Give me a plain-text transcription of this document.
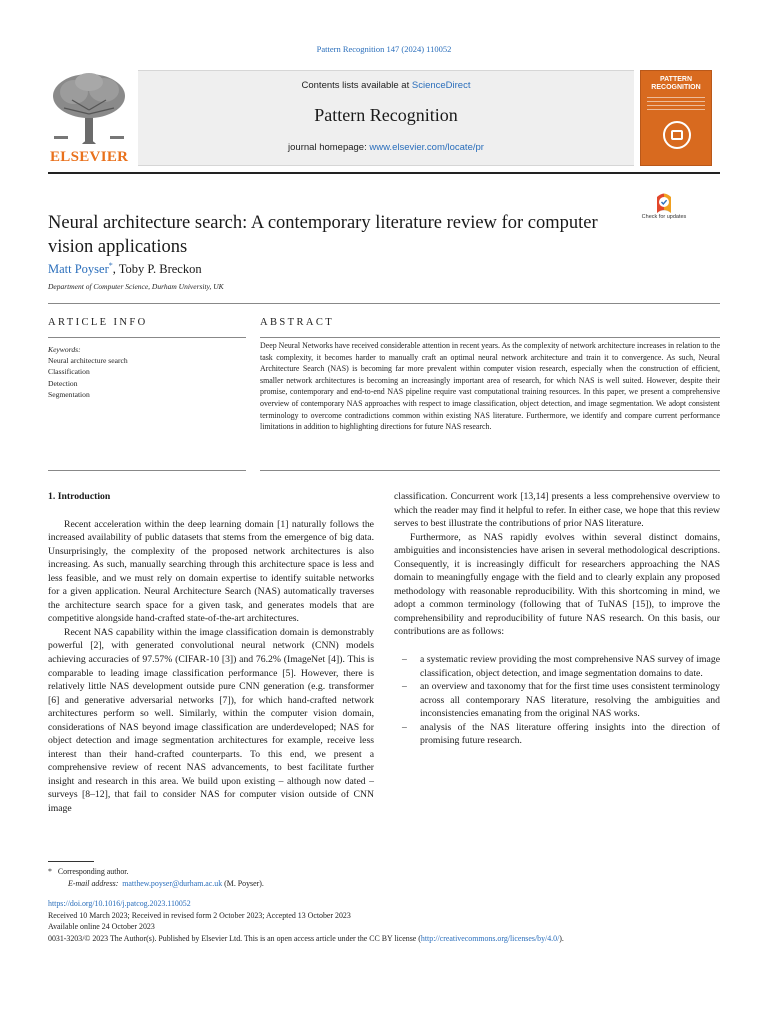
Pattern Recognition 147 (2024) 110052
ELSEVIER
Contents lists available at ScienceDirect
Pattern Recognition
journal homepage: www.elsevier.com/locate/pr
PATTERN RECOGNITION
Neural architecture search: A contemporary literature review for computer vision applications
Check for updates
Matt Poyser*, Toby P. Breckon
Department of Computer Science, Durham University, UK
ARTICLE INFO	ABSTRACT
Keywords:
Neural architecture search
Classification
Detection
Segmentation
Deep Neural Networks have received considerable attention in recent years. As the complexity of network architecture increases in relation to the task complexity, it becomes harder to manually craft an optimal neural network architecture and train it to convergence. As such, Neural Architecture Search (NAS) is becoming far more prevalent within computer vision research, especially when the construction of efficient, smaller network architectures is becoming an increasingly important area of research, for which NAS is well suited. However, despite their promise, contemporary and end-to-end NAS pipeline require vast computational training resources. In this paper, we present a comprehensive overview of contemporary NAS approaches with respect to image classification, object detection, and image segmentation. We adopt consistent terminology to overcome contradictions common within existing NAS literature. Furthermore, we identify and compare current performance limitations in addition to highlighting directions for future NAS research.
1. Introduction
Recent acceleration within the deep learning domain [1] naturally follows the increased availability of public datasets that stems from the emergence of big data. Unsurprisingly, the complexity of the proposed network architectures is also increasing. As such, manually searching through this architecture space is less and less feasible, and we must rely on domain expertise to identify suitable networks for a given application. Neural Architecture Search (NAS) automatically traverses the architecture search space for a given task, and generates models that are competitive alongside hand-crafted state-of-the-art architectures.
Recent NAS capability within the image classification domain is demonstrably powerful [2], with generated convolutional neural network (CNN) models achieving accuracies of 97.57% (CIFAR-10 [3]) and 76.2% (ImageNet [4]). This is comparable to leading image classification performance [5]. However, there is relatively little NAS development outside pure CNN generation (e.g. transformer [6] and generative adversarial networks [7]), for which hand-crafted network architectures perform so well. Similarly, within the computer vision domain, considerations of NAS beyond image classification are underdeveloped; NAS for object detection and image segmentation architectures for example, receive less interest than their hand-crafted counterparts. To this end, we present a comprehensive review of recent NAS advancements, to best facilitate further insight and research in this area. We build upon existing – although now dated – surveys [8–12], that fail to consider NAS for computer vision outside of CNN image
classification. Concurrent work [13,14] presents a less comprehensive overview to which the reader may find it helpful to refer. In either case, we hope that this review serves to best illustrate the contributions of prior NAS literature.
Furthermore, as NAS rapidly evolves within several distinct domains, ambiguities and inconsistencies have arisen in several methodological descriptions. Consequently, it is increasingly difficult for researchers approaching the NAS domain to meaningfully engage with the field and to clearly explain any proposed methodology with reasonable reproducibility. With this shortcoming in mind, we adopt a common terminology (following that of TuNAS [15]), to improve the comprehensibility and reproducibility of future NAS research. On this basis, our contributions are as follows:
– a systematic review providing the most comprehensive NAS survey of image classification, object detection, and image segmentation domains to date.
– an overview and taxonomy that for the first time uses consistent terminology across all contemporary NAS literature, resolving the ambiguities and inconsistencies emanating from the original NAS works.
– analysis of the NAS literature offering insights into the direction of promising future research.
* Corresponding author.
E-mail address: matthew.poyser@durham.ac.uk (M. Poyser).
https://doi.org/10.1016/j.patcog.2023.110052
Received 10 March 2023; Received in revised form 2 October 2023; Accepted 13 October 2023
Available online 24 October 2023
0031-3203/© 2023 The Author(s). Published by Elsevier Ltd. This is an open access article under the CC BY license (http://creativecommons.org/licenses/by/4.0/).
